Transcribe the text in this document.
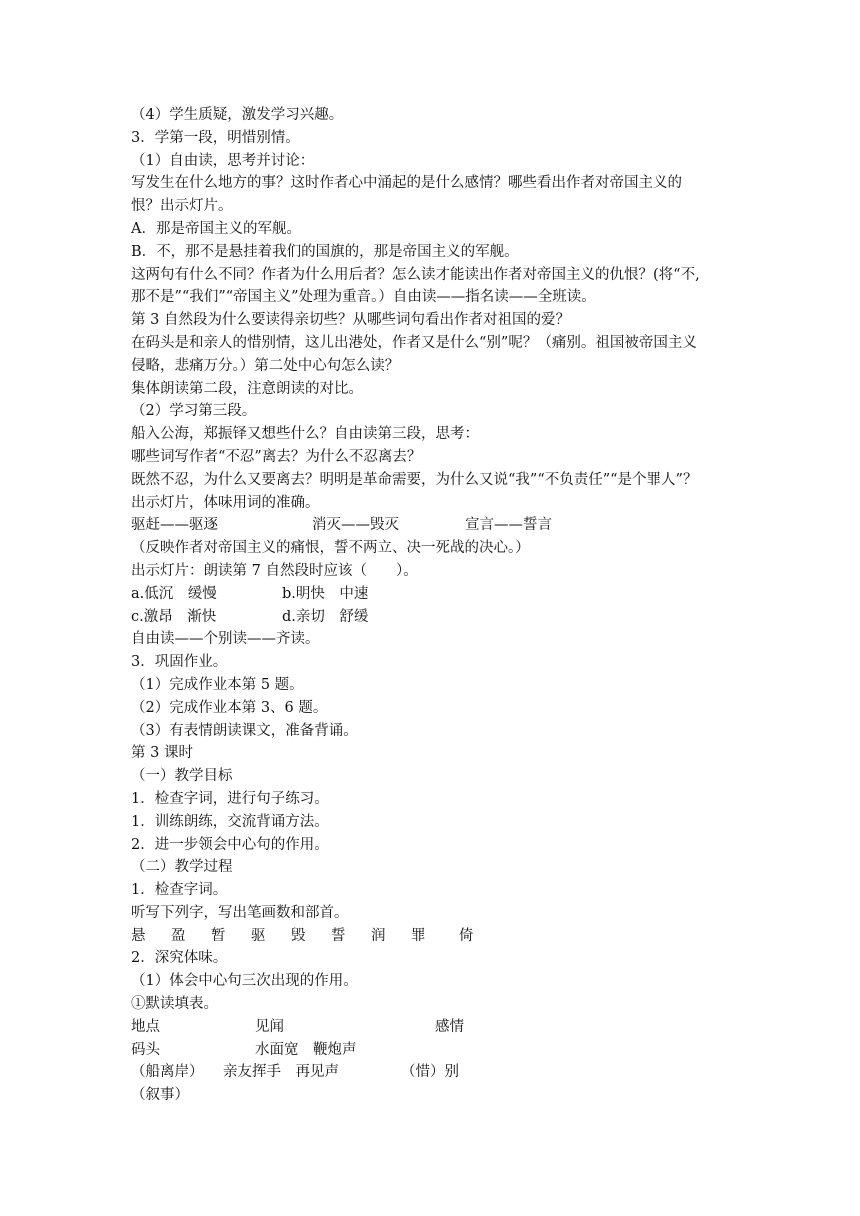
（4）学生质疑，激发学习兴趣。
3．学第一段，明惜别情。
（1）自由读，思考并讨论：
写发生在什么地方的事？这时作者心中涌起的是什么感情？哪些看出作者对帝国主义的
恨？出示灯片。
A．那是帝国主义的军舰。
B．不，那不是悬挂着我们的国旗的，那是帝国主义的军舰。
这两句有什么不同？作者为什么用后者？怎么读才能读出作者对帝国主义的仇恨？(将“不,
那不是”“我们”“帝国主义”处理为重音。）自由读——指名读——全班读。
第 3 自然段为什么要读得亲切些？从哪些词句看出作者对祖国的爱？
在码头是和亲人的惜别情，这儿出港处，作者又是什么“别”呢？（痛别。祖国被帝国主义
侵略，悲痛万分。）第二处中心句怎么读？
集体朗读第二段，注意朗读的对比。
（2）学习第三段。
船入公海，郑振铎又想些什么？自由读第三段，思考：
哪些词写作者“不忍”离去？为什么不忍离去？
既然不忍，为什么又要离去？明明是革命需要，为什么又说“我”“不负责任”“是个罪人”？
出示灯片，体味用词的准确。
驱赶——驱逐	消灭——毁灭	宣言——誓言
（反映作者对帝国主义的痛恨，誓不两立、决一死战的决心。）
出示灯片：朗读第 7 自然段时应该（　　）。
a.低沉　缓慢	b.明快　中速
c.激昂　渐快	d.亲切　舒缓
自由读——个别读——齐读。
3．巩固作业。
（1）完成作业本第 5 题。
（2）完成作业本第 3、6 题。
（3）有表情朗读课文，准备背诵。
第 3 课时
（一）教学目标
1．检查字词，进行句子练习。
1．训练朗练，交流背诵方法。
2．进一步领会中心句的作用。
（二）教学过程
1．检查字词。
听写下列字，写出笔画数和部首。
悬	盈	暂	驱	毁	誓	润	罪	倚
2．深究体味。
（1）体会中心句三次出现的作用。
①默读填表。
地点	见闻	感情
码头	水面宽　鞭炮声
（船离岸）	亲友挥手　再见声	（惜）别
（叙事）
